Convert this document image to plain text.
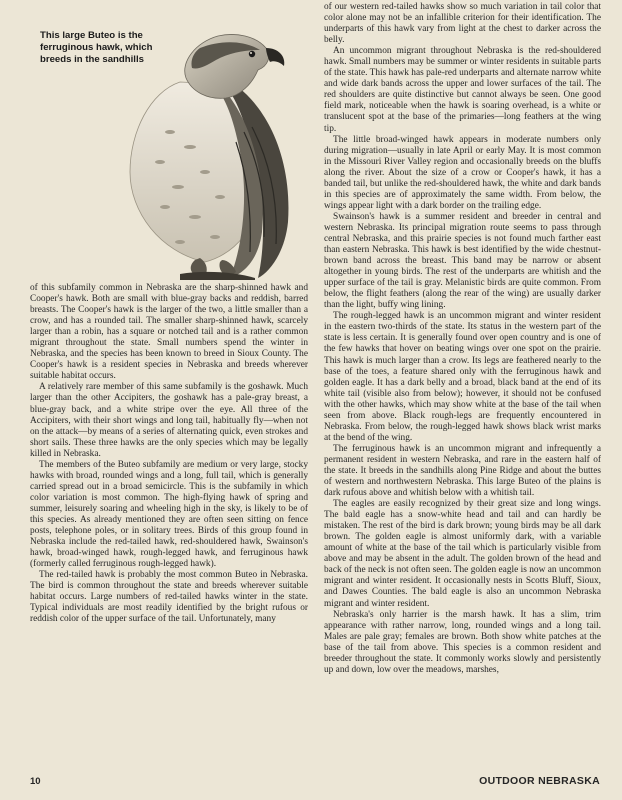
This large Buteo is the ferruginous hawk, which breeds in the sandhills

of this subfamily common in Nebraska are the sharp-shinned hawk and Cooper's hawk. Both are small with blue-gray backs and reddish, barred breasts. The Cooper's hawk is the larger of the two, a little smaller than a crow, and has a rounded tail. The smaller sharp-shinned hawk, scarcely larger than a robin, has a square or notched tail and is a rather common migrant throughout the state. Small numbers spend the winter in Nebraska, and the species has been known to breed in Sioux County. The Cooper's hawk is a resident species in Nebraska and breeds wherever suitable habitat occurs.

A relatively rare member of this same subfamily is the goshawk. Much larger than the other Accipiters, the goshawk has a pale-gray breast, a blue-gray back, and a white stripe over the eye. All three of the Accipiters, with their short wings and long tail, habitually fly—when not on the attack—by means of a series of alternating quick, even strokes and short sails. These three hawks are the only species which may be legally killed in Nebraska.

The members of the Buteo subfamily are medium or very large, stocky hawks with broad, rounded wings and a long, full tail, which is generally carried spread out in a broad semicircle. This is the subfamily in which color variation is most common. The high-flying hawk of spring and summer, leisurely soaring and wheeling high in the sky, is likely to be of this species. As already mentioned they are often seen sitting on fence posts, telephone poles, or in solitary trees. Birds of this group found in Nebraska include the red-tailed hawk, red-shouldered hawk, Swainson's hawk, broad-winged hawk, rough-legged hawk, and ferruginous hawk (formerly called ferruginous rough-legged hawk).

The red-tailed hawk is probably the most common Buteo in Nebraska. The bird is common throughout the state and breeds wherever suitable habitat occurs. Large numbers of red-tailed hawks winter in the state. Typical individuals are most readily identified by the bright rufous or reddish color of the upper surface of the tail. Unfortunately, many

of our western red-tailed hawks show so much variation in tail color that color alone may not be an infallible criterion for their identification. The underparts of this hawk vary from light at the chest to darker across the belly.

An uncommon migrant throughout Nebraska is the red-shouldered hawk. Small numbers may be summer or winter residents in suitable parts of the state. This hawk has pale-red underparts and alternate narrow white and wide dark bands across the upper and lower surfaces of the tail. The red shoulders are quite distinctive but cannot always be seen. One good field mark, noticeable when the hawk is soaring overhead, is a white or translucent spot at the base of the primaries—long feathers at the wing tip.

The little broad-winged hawk appears in moderate numbers only during migration—usually in late April or early May. It is most common in the Missouri River Valley region and occasionally breeds on the bluffs along the river. About the size of a crow or Cooper's hawk, it has a banded tail, but unlike the red-shouldered hawk, the white and dark bands in this species are of approximately the same width. From below, the wings appear light with a dark border on the trailing edge.

Swainson's hawk is a summer resident and breeder in central and western Nebraska. Its principal migration route seems to pass through central Nebraska, and this prairie species is not found much farther east than eastern Nebraska. This hawk is best identified by the wide chestnut-brown band across the breast. This band may be narrow or absent altogether in young birds. The rest of the underparts are whitish and the upper surface of the tail is gray. Melanistic birds are quite common. From below, the flight feathers (along the rear of the wing) are usually darker than the light, buffy wing lining.

The rough-legged hawk is an uncommon migrant and winter resident in the eastern two-thirds of the state. Its status in the western part of the state is less certain. It is generally found over open country and is one of the few hawks that hover on beating wings over one spot on the prairie. This hawk is much larger than a crow. Its legs are feathered nearly to the base of the toes, a feature shared only with the ferruginous hawk and golden eagle. It has a dark belly and a broad, black band at the end of its white tail (visible also from below); however, it should not be confused with the other hawks, which may show white at the base of the tail when seen from above. Black rough-legs are frequently encountered in Nebraska. From below, the rough-legged hawk shows black wrist marks at the bend of the wing.

The ferruginous hawk is an uncommon migrant and infrequently a permanent resident in western Nebraska, and rare in the eastern half of the state. It breeds in the sandhills along Pine Ridge and about the buttes of western and northwestern Nebraska. This large Buteo of the plains is dark rufous above and whitish below with a whitish tail.

The eagles are easily recognized by their great size and long wings. The bald eagle has a snow-white head and tail and can hardly be mistaken. The rest of the bird is dark brown; young birds may be all dark brown. The golden eagle is almost uniformly dark, with a variable amount of white at the base of the tail which is particularly visible from above and may be absent in the adult. The golden brown of the head and back of the neck is not often seen. The golden eagle is now an uncommon migrant and winter resident. It occasionally nests in Scotts Bluff, Sioux, and Dawes Counties. The bald eagle is also an uncommon Nebraska migrant and winter resident.

Nebraska's only harrier is the marsh hawk. It has a slim, trim appearance with rather narrow, long, rounded wings and a long tail. Males are pale gray; females are brown. Both show white patches at the base of the tail from above. This species is a common resident and breeder throughout the state. It commonly works slowly and persistently up and down, low over the meadows, marshes,

10	OUTDOOR NEBRASKA
